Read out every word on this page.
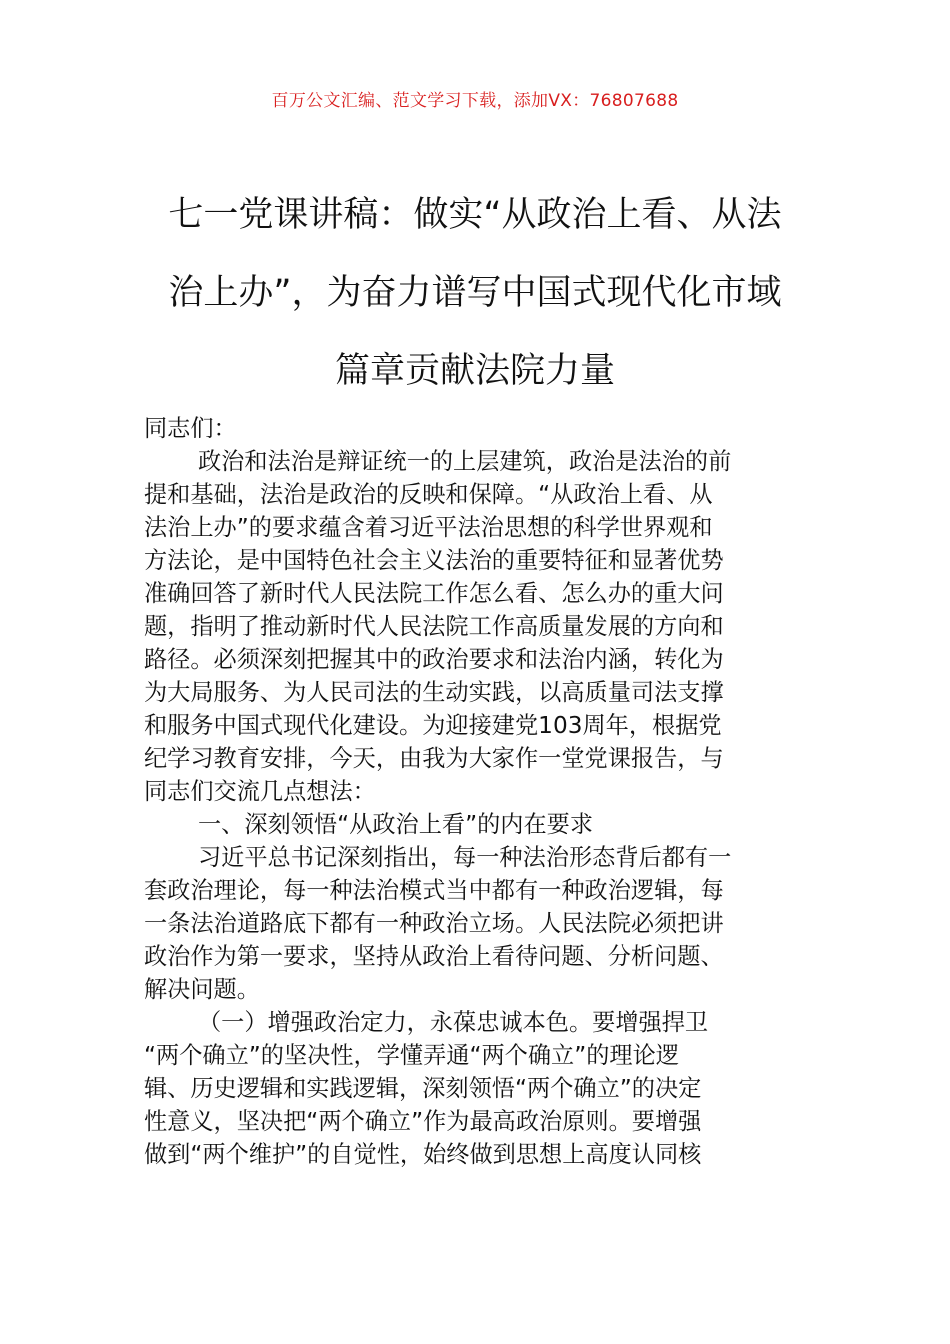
百万公文汇编、范文学习下载，添加VX：76807688
七一党课讲稿：做实“从政治上看、从法
治上办”，为奋力谱写中国式现代化市域
篇章贡献法院力量
同志们：
政治和法治是辩证统一的上层建筑，政治是法治的前
提和基础，法治是政治的反映和保障。“从政治上看、从
法治上办”的要求蕴含着习近平法治思想的科学世界观和
方法论，是中国特色社会主义法治的重要特征和显著优势
准确回答了新时代人民法院工作怎么看、怎么办的重大问
题，指明了推动新时代人民法院工作高质量发展的方向和
路径。必须深刻把握其中的政治要求和法治内涵，转化为
为大局服务、为人民司法的生动实践，以高质量司法支撑
和服务中国式现代化建设。为迎接建党103周年，根据党
纪学习教育安排，今天，由我为大家作一堂党课报告，与
同志们交流几点想法：
一、深刻领悟“从政治上看”的内在要求
习近平总书记深刻指出，每一种法治形态背后都有一
套政治理论，每一种法治模式当中都有一种政治逻辑，每
一条法治道路底下都有一种政治立场。人民法院必须把讲
政治作为第一要求，坚持从政治上看待问题、分析问题、
解决问题。
（一）增强政治定力，永葆忠诚本色。要增强捍卫
“两个确立”的坚决性，学懂弄通“两个确立”的理论逻
辑、历史逻辑和实践逻辑，深刻领悟“两个确立”的决定
性意义，坚决把“两个确立”作为最高政治原则。要增强
做到“两个维护”的自觉性，始终做到思想上高度认同核
